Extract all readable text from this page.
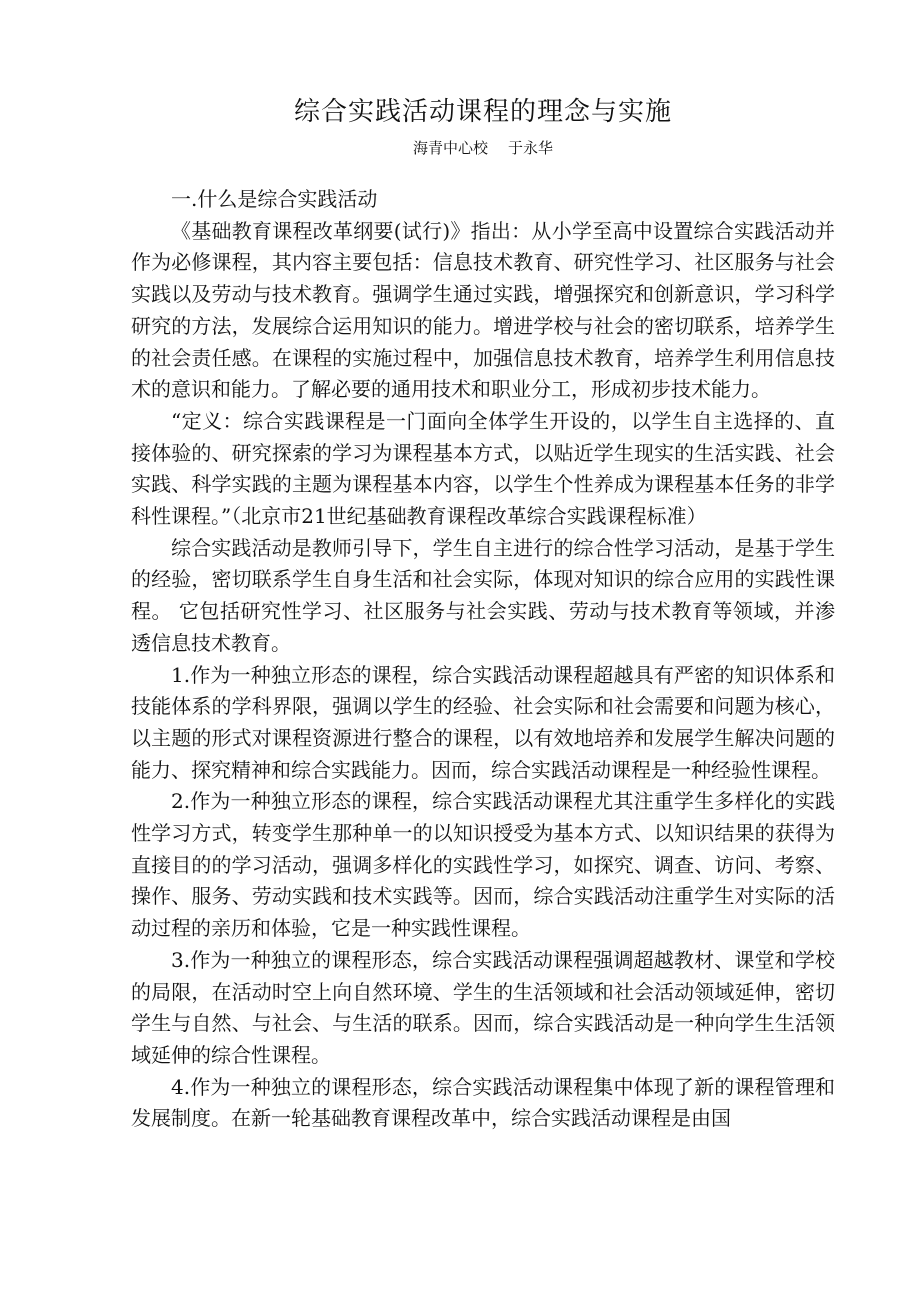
综合实践活动课程的理念与实施
海青中心校 于永华

一.什么是综合实践活动

《基础教育课程改革纲要(试行)》指出：从小学至高中设置综合实践活动并作为必修课程，其内容主要包括：信息技术教育、研究性学习、社区服务与社会实践以及劳动与技术教育。强调学生通过实践，增强探究和创新意识，学习科学研究的方法，发展综合运用知识的能力。增进学校与社会的密切联系，培养学生的社会责任感。在课程的实施过程中，加强信息技术教育，培养学生利用信息技术的意识和能力。了解必要的通用技术和职业分工，形成初步技术能力。

“定义：综合实践课程是一门面向全体学生开设的，以学生自主选择的、直接体验的、研究探索的学习为课程基本方式，以贴近学生现实的生活实践、社会实践、科学实践的主题为课程基本内容，以学生个性养成为课程基本任务的非学科性课程。”（北京市21世纪基础教育课程改革综合实践课程标准）

综合实践活动是教师引导下，学生自主进行的综合性学习活动，是基于学生的经验，密切联系学生自身生活和社会实际，体现对知识的综合应用的实践性课程。 它包括研究性学习、社区服务与社会实践、劳动与技术教育等领域，并渗透信息技术教育。

1.作为一种独立形态的课程，综合实践活动课程超越具有严密的知识体系和技能体系的学科界限，强调以学生的经验、社会实际和社会需要和问题为核心，以主题的形式对课程资源进行整合的课程，以有效地培养和发展学生解决问题的能力、探究精神和综合实践能力。因而，综合实践活动课程是一种经验性课程。

2.作为一种独立形态的课程，综合实践活动课程尤其注重学生多样化的实践性学习方式，转变学生那种单一的以知识授受为基本方式、以知识结果的获得为直接目的的学习活动，强调多样化的实践性学习，如探究、调查、访问、考察、操作、服务、劳动实践和技术实践等。因而，综合实践活动注重学生对实际的活动过程的亲历和体验，它是一种实践性课程。

3.作为一种独立的课程形态，综合实践活动课程强调超越教材、课堂和学校的局限，在活动时空上向自然环境、学生的生活领域和社会活动领域延伸，密切学生与自然、与社会、与生活的联系。因而，综合实践活动是一种向学生生活领域延伸的综合性课程。

4.作为一种独立的课程形态，综合实践活动课程集中体现了新的课程管理和发展制度。在新一轮基础教育课程改革中，综合实践活动课程是由国
